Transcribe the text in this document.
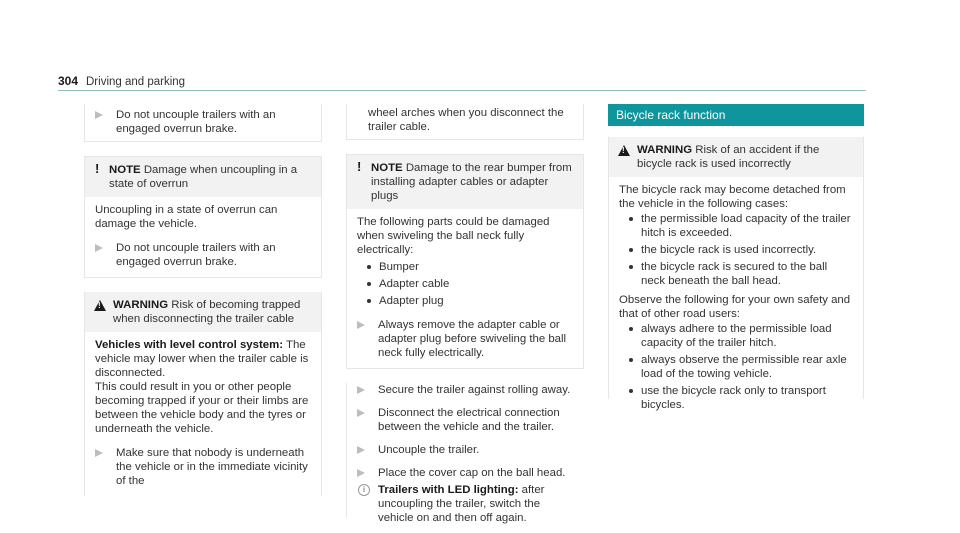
304 Driving and parking
Do not uncouple trailers with an engaged overrun brake.
! NOTE Damage when uncoupling in a state of overrun

Uncoupling in a state of overrun can damage the vehicle.

Do not uncouple trailers with an engaged overrun brake.
!
WARNING Risk of becoming trapped when disconnecting the trailer cable

Vehicles with level control system: The vehicle may lower when the trailer cable is disconnected.

This could result in you or other people becoming trapped if your or their limbs are between the vehicle body and the tyres or underneath the vehicle.

Make sure that nobody is underneath the vehicle or in the immediate vicinity of the

wheel arches when you disconnect the trailer cable.

! NOTE Damage to the rear bumper from installing adapter cables or adapter plugs

The following parts could be damaged when swiveling the ball neck fully electrically:

Bumper
Adapter cable
Adapter plug
Always remove the adapter cable or adapter plug before swiveling the ball neck fully electrically.
Secure the trailer against rolling away.
Disconnect the electrical connection between the vehicle and the trailer.
Uncouple the trailer.
Place the cover cap on the ball head.
i	Trailers with LED lighting: after uncoupling the trailer, switch the vehicle on and then off again.
Bicycle rack function
!
WARNING Risk of an accident if the bicycle rack is used incorrectly

The bicycle rack may become detached from the vehicle in the following cases:

the permissible load capacity of the trailer hitch is exceeded.
the bicycle rack is used incorrectly.
the bicycle rack is secured to the ball neck beneath the ball head.

Observe the following for your own safety and that of other road users:

always adhere to the permissible load capacity of the trailer hitch.
always observe the permissible rear axle load of the towing vehicle.
use the bicycle rack only to transport bicycles.
